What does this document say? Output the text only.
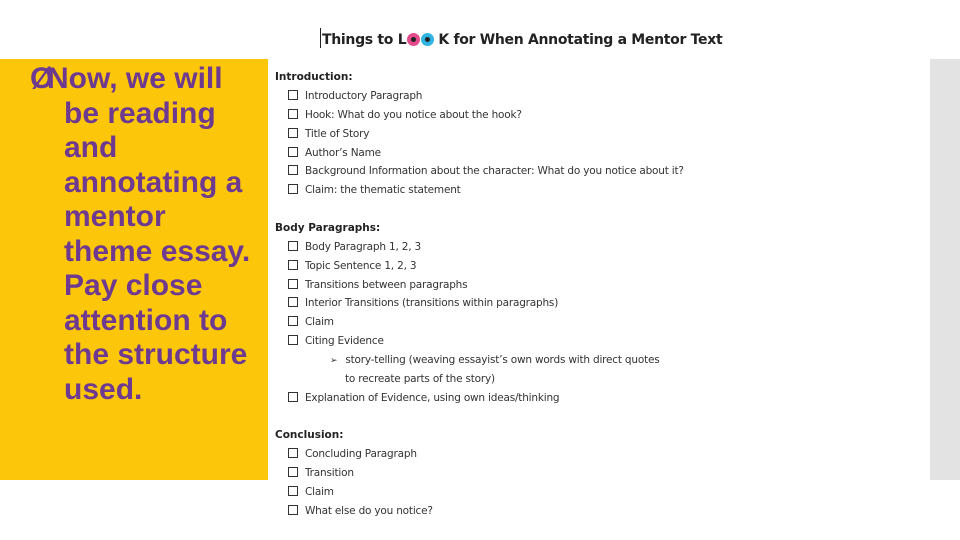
Ø
Now, we will be reading and annotating a mentor theme essay. Pay close attention to the structure used.
Things to L K for When Annotating a Mentor Text
Introduction:
Introductory Paragraph
Hook: What do you notice about the hook?
Title of Story
Author’s Name
Background Information about the character: What do you notice about it?
Claim: the thematic statement
Body Paragraphs:
Body Paragraph 1, 2, 3
Topic Sentence 1, 2, 3
Transitions between paragraphs
Interior Transitions (transitions within paragraphs)
Claim
Citing Evidence
➢ story-telling (weaving essayist’s own words with direct quotes
to recreate parts of the story)
Explanation of Evidence, using own ideas/thinking
Conclusion:
Concluding Paragraph
Transition
Claim
What else do you notice?
